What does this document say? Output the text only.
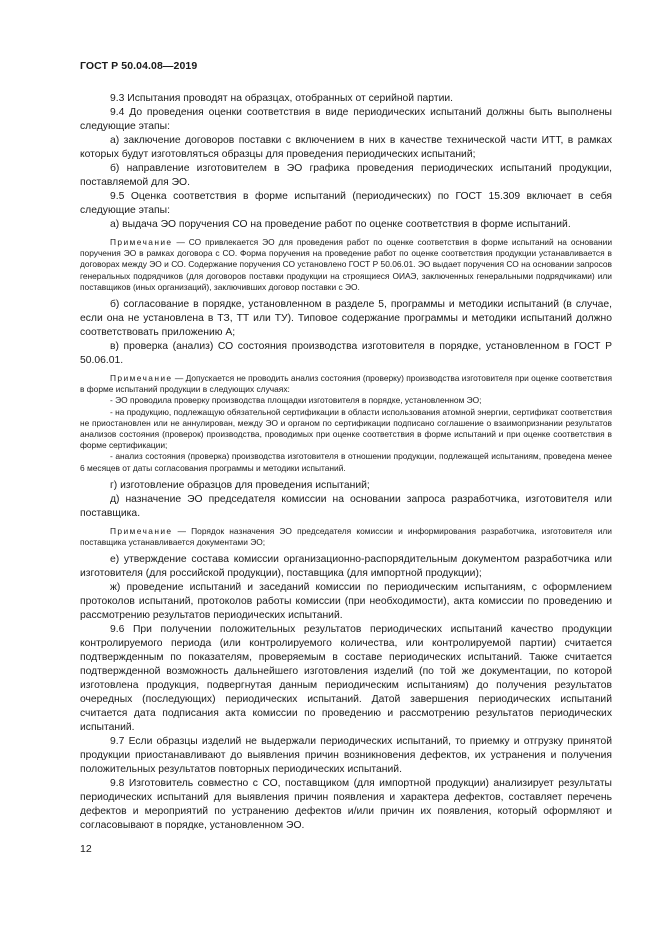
ГОСТ Р 50.04.08—2019

9.3 Испытания проводят на образцах, отобранных от серийной партии.

9.4 До проведения оценки соответствия в виде периодических испытаний должны быть выполнены следующие этапы:

а) заключение договоров поставки с включением в них в качестве технической части ИТТ, в рамках которых будут изготовляться образцы для проведения периодических испытаний;

б) направление изготовителем в ЭО графика проведения периодических испытаний продукции, поставляемой для ЭО.

9.5 Оценка соответствия в форме испытаний (периодических) по ГОСТ 15.309 включает в себя следующие этапы:

а) выдача ЭО поручения СО на проведение работ по оценке соответствия в форме испытаний.

Примечание — СО привлекается ЭО для проведения работ по оценке соответствия в форме испытаний на основании поручения ЭО в рамках договора с СО. Форма поручения на проведение работ по оценке соответствия продукции устанавливается в договорах между ЭО и СО. Содержание поручения СО установлено ГОСТ Р 50.06.01. ЭО выдает поручения СО на основании запросов генеральных подрядчиков (для договоров поставки продукции на строящиеся ОИАЭ, заключенных генеральными подрядчиками) или поставщиков (иных организаций), заключивших договор поставки с ЭО.

б) согласование в порядке, установленном в разделе 5, программы и методики испытаний (в случае, если она не установлена в ТЗ, ТТ или ТУ). Типовое содержание программы и методики испытаний должно соответствовать приложению А;

в) проверка (анализ) СО состояния производства изготовителя в порядке, установленном в ГОСТ Р 50.06.01.

Примечание — Допускается не проводить анализ состояния (проверку) производства изготовителя при оценке соответствия в форме испытаний продукции в следующих случаях:

- ЭО проводила проверку производства площадки изготовителя в порядке, установленном ЭО;

- на продукцию, подлежащую обязательной сертификации в области использования атомной энергии, сертификат соответствия не приостановлен или не аннулирован, между ЭО и органом по сертификации подписано соглашение о взаимопризнании результатов анализов состояния (проверок) производства, проводимых при оценке соответствия в форме испытаний и при оценке соответствия в форме сертификации;

- анализ состояния (проверка) производства изготовителя в отношении продукции, подлежащей испытаниям, проведена менее 6 месяцев от даты согласования программы и методики испытаний.

г) изготовление образцов для проведения испытаний;

д) назначение ЭО председателя комиссии на основании запроса разработчика, изготовителя или поставщика.

Примечание — Порядок назначения ЭО председателя комиссии и информирования разработчика, изготовителя или поставщика устанавливается документами ЭО;

е) утверждение состава комиссии организационно-распорядительным документом разработчика или изготовителя (для российской продукции), поставщика (для импортной продукции);

ж) проведение испытаний и заседаний комиссии по периодическим испытаниям, с оформлением протоколов испытаний, протоколов работы комиссии (при необходимости), акта комиссии по проведению и рассмотрению результатов периодических испытаний.

9.6 При получении положительных результатов периодических испытаний качество продукции контролируемого периода (или контролируемого количества, или контролируемой партии) считается подтвержденным по показателям, проверяемым в составе периодических испытаний. Также считается подтвержденной возможность дальнейшего изготовления изделий (по той же документации, по которой изготовлена продукция, подвергнутая данным периодическим испытаниям) до получения результатов очередных (последующих) периодических испытаний. Датой завершения периодических испытаний считается дата подписания акта комиссии по проведению и рассмотрению результатов периодических испытаний.

9.7 Если образцы изделий не выдержали периодических испытаний, то приемку и отгрузку принятой продукции приостанавливают до выявления причин возникновения дефектов, их устранения и получения положительных результатов повторных периодических испытаний.

9.8 Изготовитель совместно с СО, поставщиком (для импортной продукции) анализирует результаты периодических испытаний для выявления причин появления и характера дефектов, составляет перечень дефектов и мероприятий по устранению дефектов и/или причин их появления, который оформляют и согласовывают в порядке, установленном ЭО.

12
